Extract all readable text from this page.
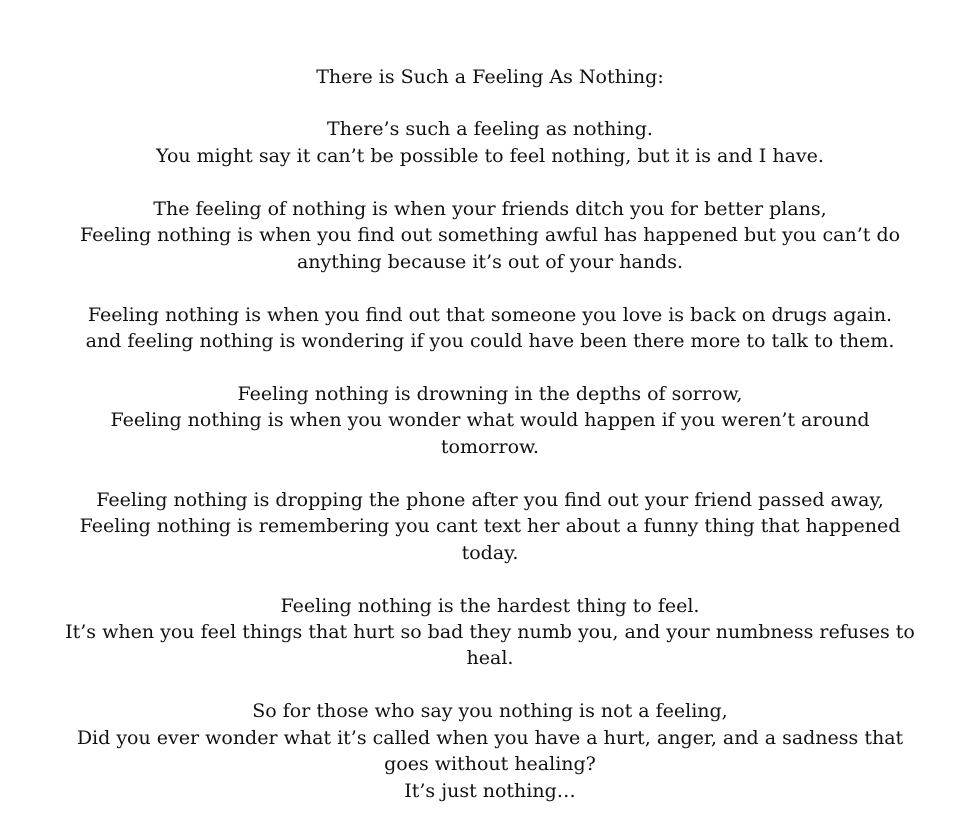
There is Such a Feeling As Nothing:
There’s such a feeling as nothing.
You might say it can’t be possible to feel nothing, but it is and I have.
The feeling of nothing is when your friends ditch you for better plans,
Feeling nothing is when you find out something awful has happened but you can’t do anything because it’s out of your hands.
Feeling nothing is when you find out that someone you love is back on drugs again.
and feeling nothing is wondering if you could have been there more to talk to them.
Feeling nothing is drowning in the depths of sorrow,
Feeling nothing is when you wonder what would happen if you weren’t around tomorrow.
Feeling nothing is dropping the phone after you find out your friend passed away,
Feeling nothing is remembering you cant text her about a funny thing that happened today.
Feeling nothing is the hardest thing to feel.
It’s when you feel things that hurt so bad they numb you, and your numbness refuses to heal.
So for those who say you nothing is not a feeling,
Did you ever wonder what it’s called when you have a hurt, anger, and a sadness that goes without healing?
It’s just nothing…
